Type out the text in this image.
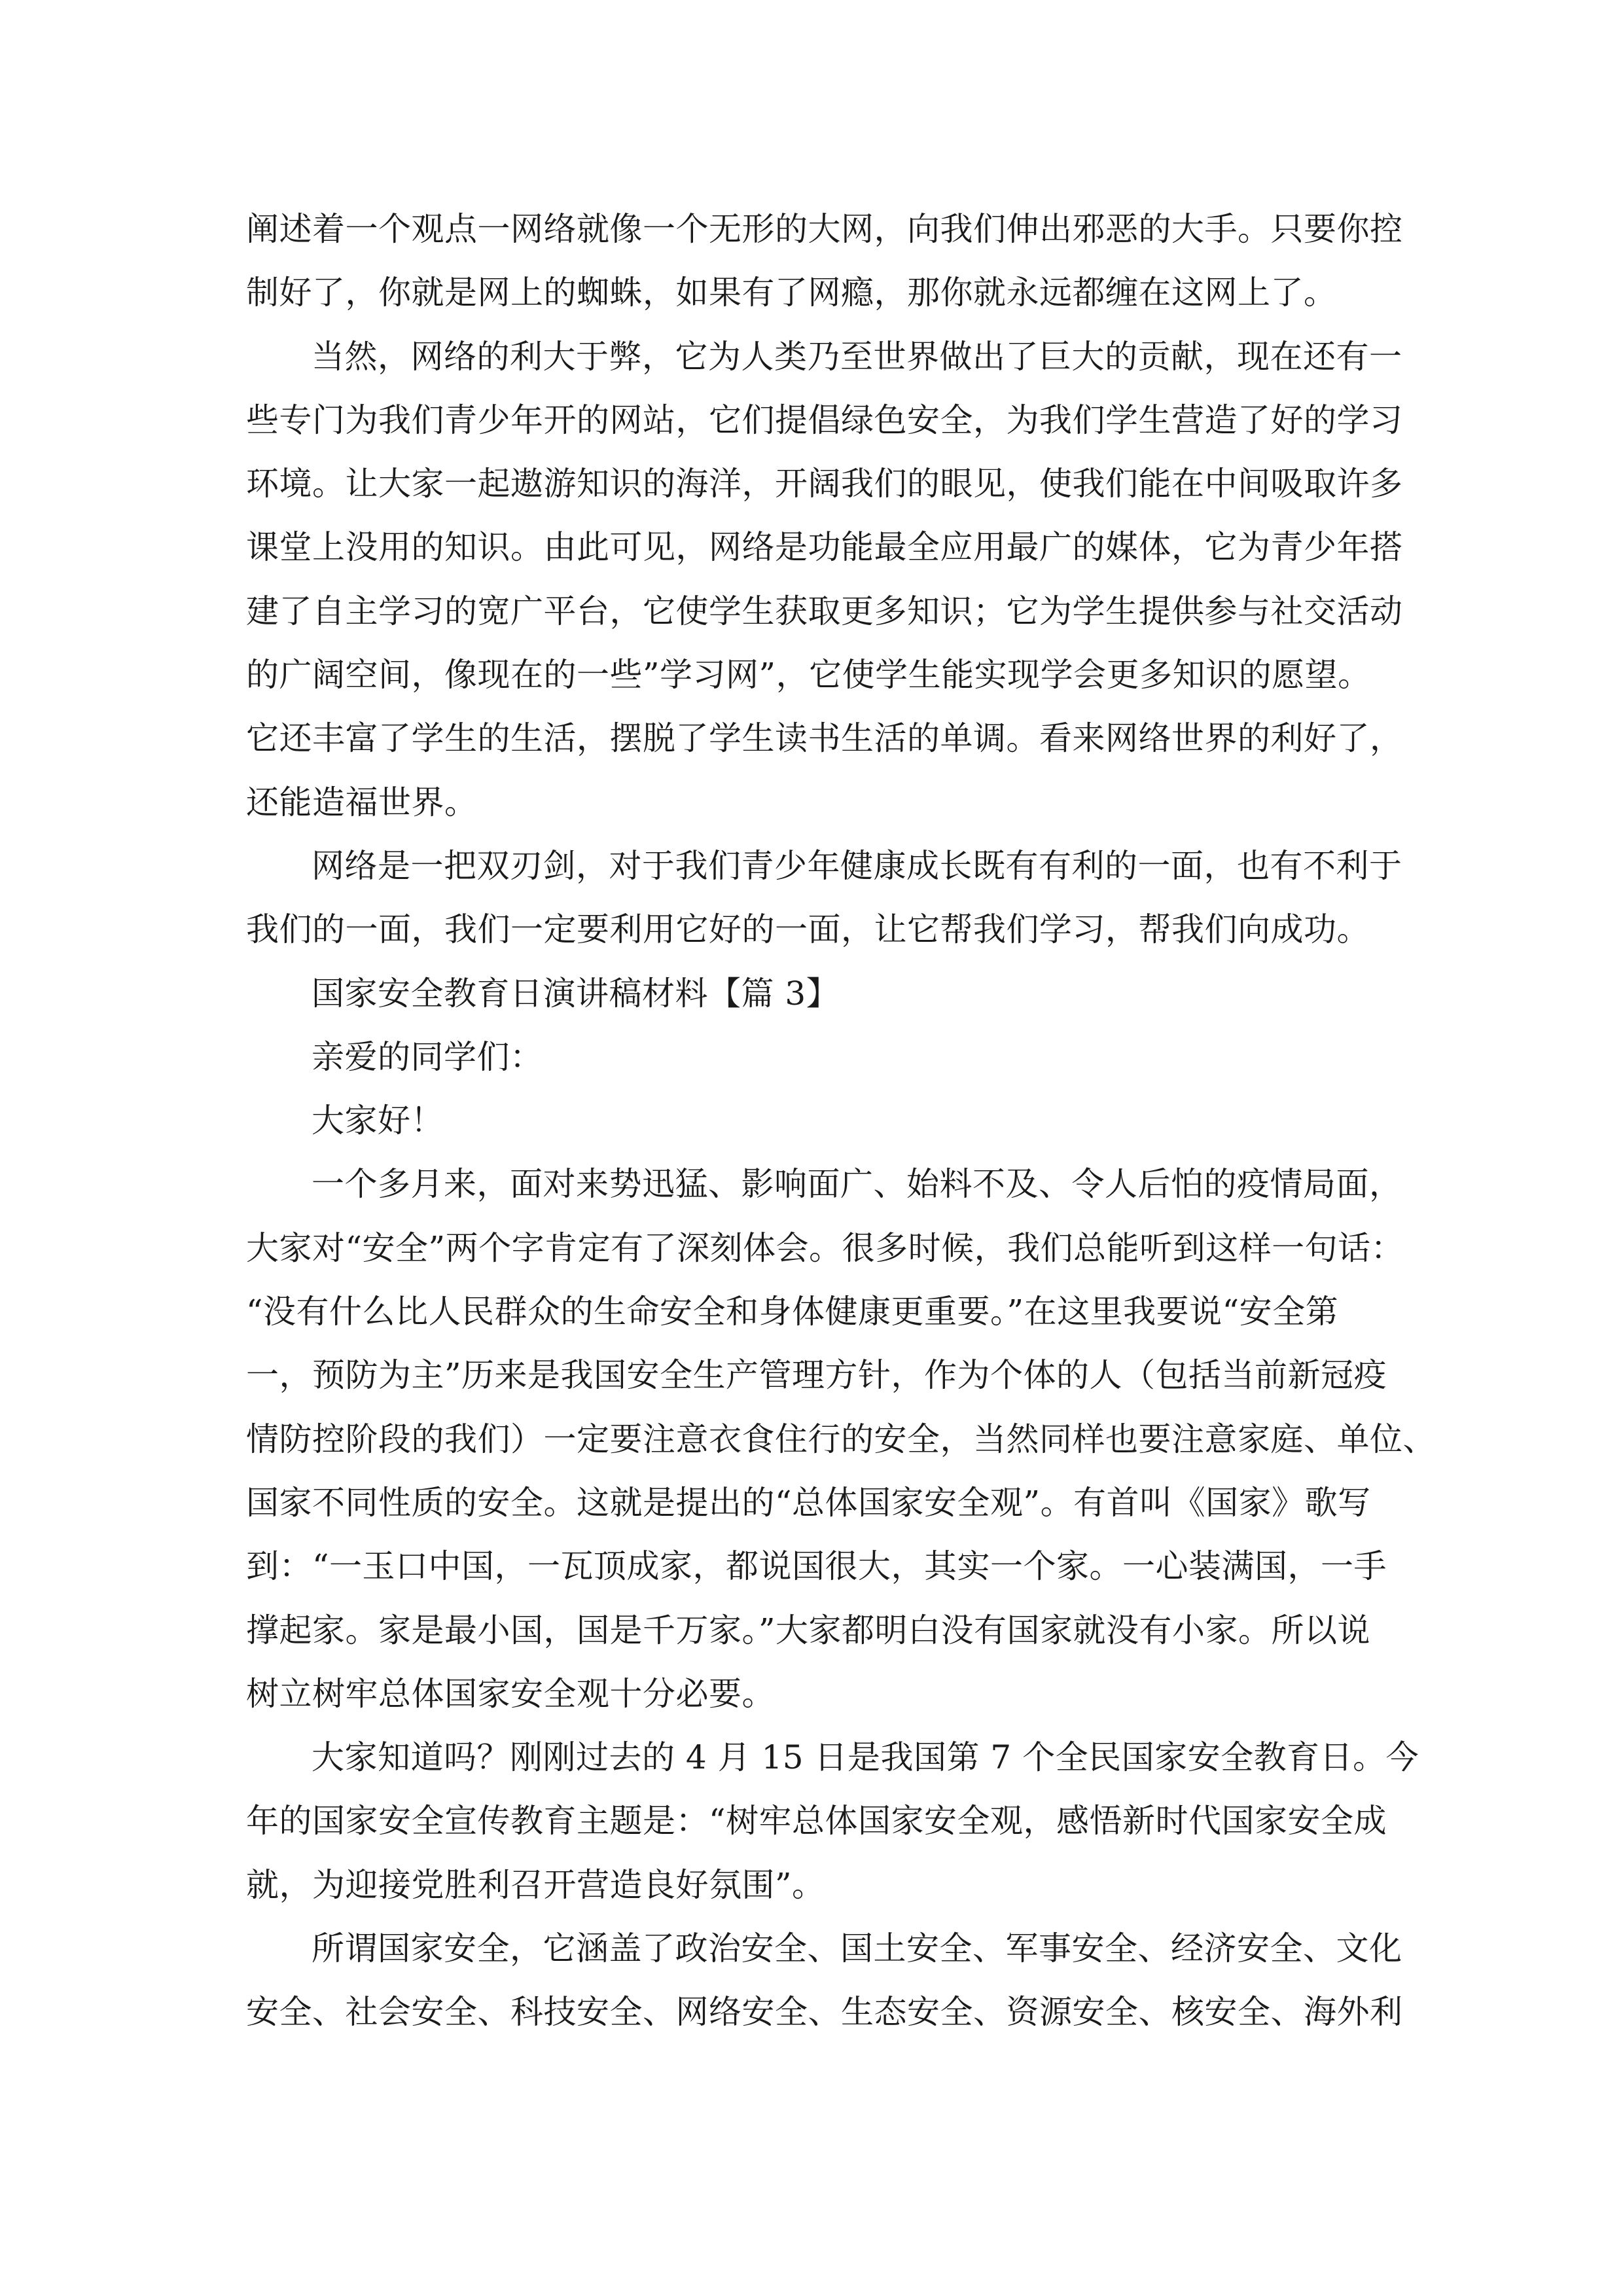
阐述着一个观点一网络就像一个无形的大网，向我们伸出邪恶的大手。只要你控
制好了，你就是网上的蜘蛛，如果有了网瘾，那你就永远都缠在这网上了。

当然，网络的利大于弊，它为人类乃至世界做出了巨大的贡献，现在还有一
些专门为我们青少年开的网站，它们提倡绿色安全，为我们学生营造了好的学习
环境。让大家一起遨游知识的海洋，开阔我们的眼见，使我们能在中间吸取许多
课堂上没用的知识。由此可见，网络是功能最全应用最广的媒体，它为青少年搭
建了自主学习的宽广平台，它使学生获取更多知识；它为学生提供参与社交活动
的广阔空间，像现在的一些”学习网”，它使学生能实现学会更多知识的愿望。
它还丰富了学生的生活，摆脱了学生读书生活的单调。看来网络世界的利好了，
还能造福世界。

网络是一把双刃剑，对于我们青少年健康成长既有有利的一面，也有不利于
我们的一面，我们一定要利用它好的一面，让它帮我们学习，帮我们向成功。

国家安全教育日演讲稿材料【篇 3】

亲爱的同学们：

大家好！

一个多月来，面对来势迅猛、影响面广、始料不及、令人后怕的疫情局面，
大家对“安全”两个字肯定有了深刻体会。很多时候，我们总能听到这样一句话：
“没有什么比人民群众的生命安全和身体健康更重要。”在这里我要说“安全第
一，预防为主”历来是我国安全生产管理方针，作为个体的人（包括当前新冠疫
情防控阶段的我们）一定要注意衣食住行的安全，当然同样也要注意家庭、单位、
国家不同性质的安全。这就是提出的“总体国家安全观”。有首叫《国家》歌写
到：“一玉口中国，一瓦顶成家，都说国很大，其实一个家。一心装满国，一手
撑起家。家是最小国，国是千万家。”大家都明白没有国家就没有小家。所以说
树立树牢总体国家安全观十分必要。

大家知道吗？刚刚过去的 4 月 15 日是我国第 7 个全民国家安全教育日。今
年的国家安全宣传教育主题是：“树牢总体国家安全观，感悟新时代国家安全成
就，为迎接党胜利召开营造良好氛围”。

所谓国家安全，它涵盖了政治安全、国土安全、军事安全、经济安全、文化
安全、社会安全、科技安全、网络安全、生态安全、资源安全、核安全、海外利
